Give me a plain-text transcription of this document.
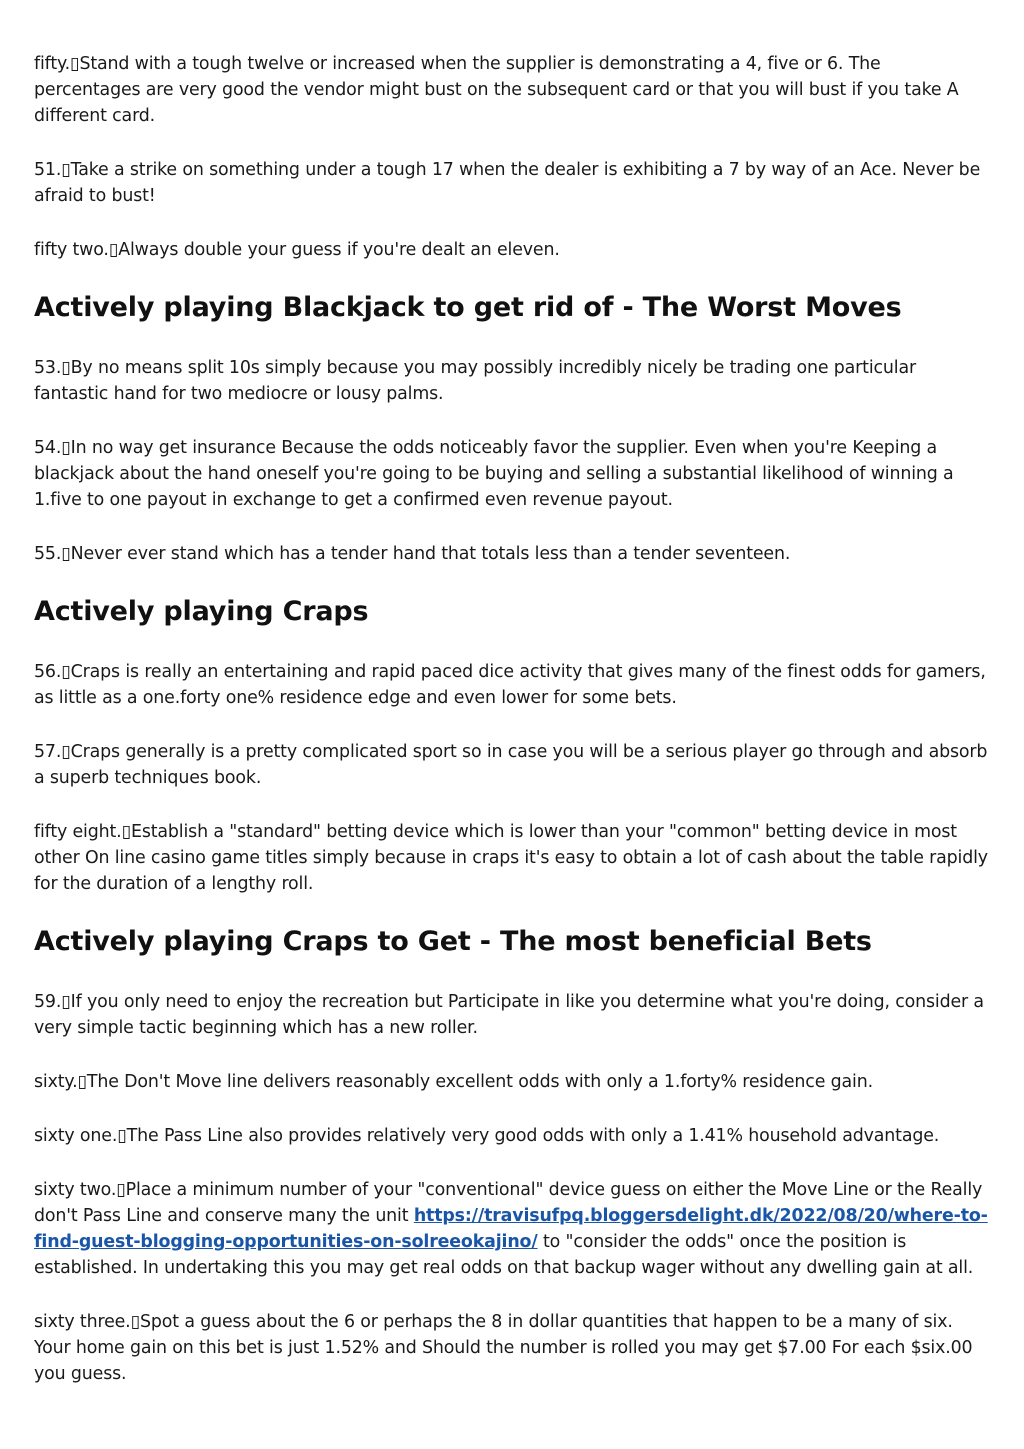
fifty.▯Stand with a tough twelve or increased when the supplier is demonstrating a 4, five or 6. The percentages are very good the vendor might bust on the subsequent card or that you will bust if you take A different card.

51.▯Take a strike on something under a tough 17 when the dealer is exhibiting a 7 by way of an Ace. Never be afraid to bust!

fifty two.▯Always double your guess if you're dealt an eleven.

Actively playing Blackjack to get rid of - The Worst Moves

53.▯By no means split 10s simply because you may possibly incredibly nicely be trading one particular fantastic hand for two mediocre or lousy palms.

54.▯In no way get insurance Because the odds noticeably favor the supplier. Even when you're Keeping a blackjack about the hand oneself you're going to be buying and selling a substantial likelihood of winning a 1.five to one payout in exchange to get a confirmed even revenue payout.

55.▯Never ever stand which has a tender hand that totals less than a tender seventeen.

Actively playing Craps

56.▯Craps is really an entertaining and rapid paced dice activity that gives many of the finest odds for gamers, as little as a one.forty one% residence edge and even lower for some bets.

57.▯Craps generally is a pretty complicated sport so in case you will be a serious player go through and absorb a superb techniques book.

fifty eight.▯Establish a "standard" betting device which is lower than your "common" betting device in most other On line casino game titles simply because in craps it's easy to obtain a lot of cash about the table rapidly for the duration of a lengthy roll.

Actively playing Craps to Get - The most beneficial Bets

59.▯If you only need to enjoy the recreation but Participate in like you determine what you're doing, consider a very simple tactic beginning which has a new roller.

sixty.▯The Don't Move line delivers reasonably excellent odds with only a 1.forty% residence gain.

sixty one.▯The Pass Line also provides relatively very good odds with only a 1.41% household advantage.

sixty two.▯Place a minimum number of your "conventional" device guess on either the Move Line or the Really don't Pass Line and conserve many the unit https://travisufpq.bloggersdelight.dk/2022/08/20/where-to-find-guest-blogging-opportunities-on-solreeokajino/ to "consider the odds" once the position is established. In undertaking this you may get real odds on that backup wager without any dwelling gain at all.

sixty three.▯Spot a guess about the 6 or perhaps the 8 in dollar quantities that happen to be a many of six. Your home gain on this bet is just 1.52% and Should the number is rolled you may get $7.00 For each $six.00 you guess.
